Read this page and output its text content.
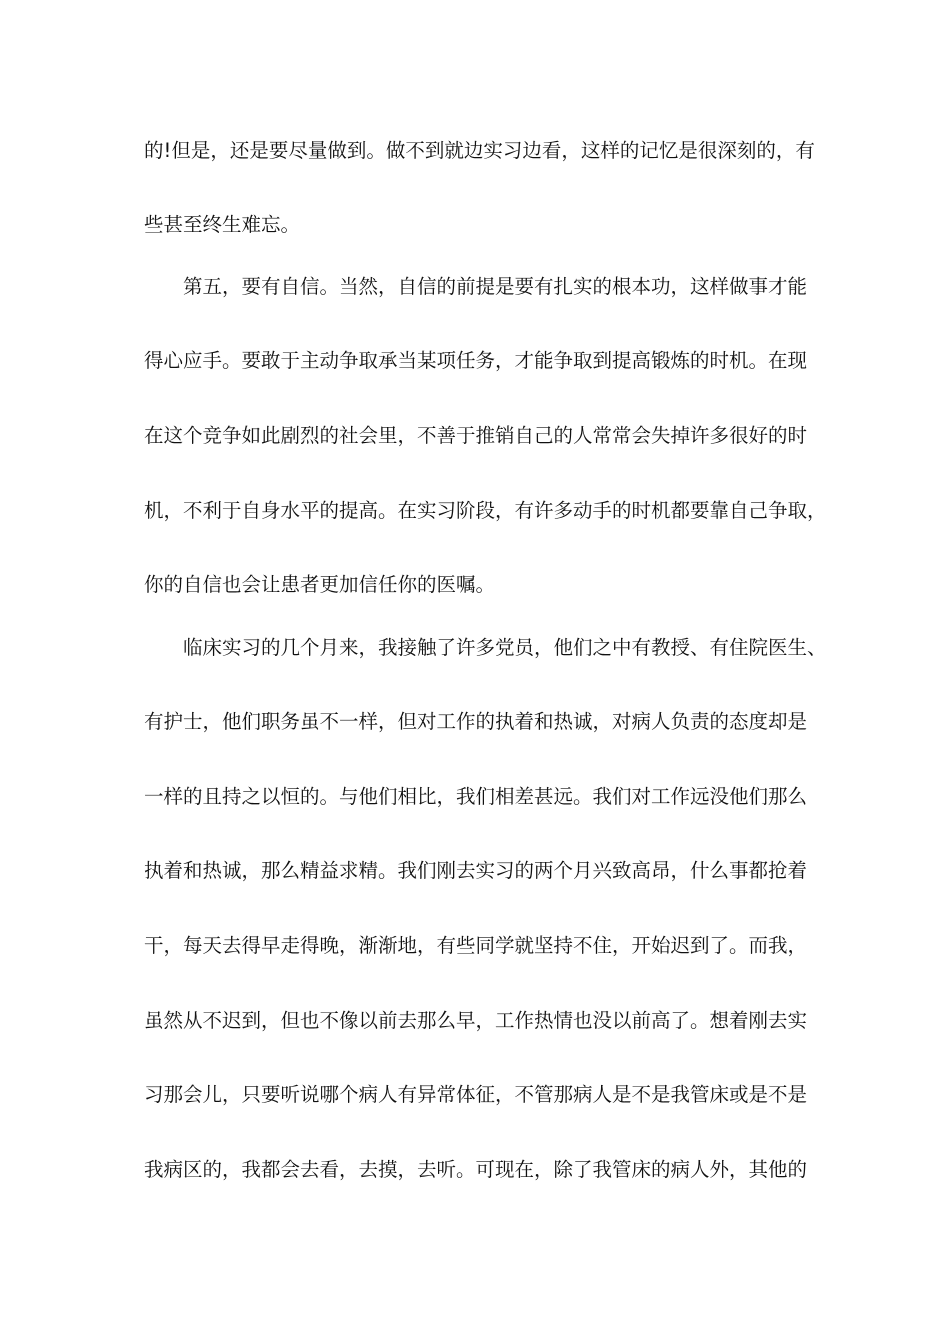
的!但是，还是要尽量做到。做不到就边实习边看，这样的记忆是很深刻的，有
些甚至终生难忘。
第五，要有自信。当然，自信的前提是要有扎实的根本功，这样做事才能
得心应手。要敢于主动争取承当某项任务，才能争取到提高锻炼的时机。在现
在这个竞争如此剧烈的社会里，不善于推销自己的人常常会失掉许多很好的时
机，不利于自身水平的提高。在实习阶段，有许多动手的时机都要靠自己争取，
你的自信也会让患者更加信任你的医嘱。
临床实习的几个月来，我接触了许多党员，他们之中有教授、有住院医生、
有护士，他们职务虽不一样，但对工作的执着和热诚，对病人负责的态度却是
一样的且持之以恒的。与他们相比，我们相差甚远。我们对工作远没他们那么
执着和热诚，那么精益求精。我们刚去实习的两个月兴致高昂，什么事都抢着
干，每天去得早走得晚，渐渐地，有些同学就坚持不住，开始迟到了。而我，
虽然从不迟到，但也不像以前去那么早，工作热情也没以前高了。想着刚去实
习那会儿，只要听说哪个病人有异常体征，不管那病人是不是我管床或是不是
我病区的，我都会去看，去摸，去听。可现在，除了我管床的病人外，其他的
